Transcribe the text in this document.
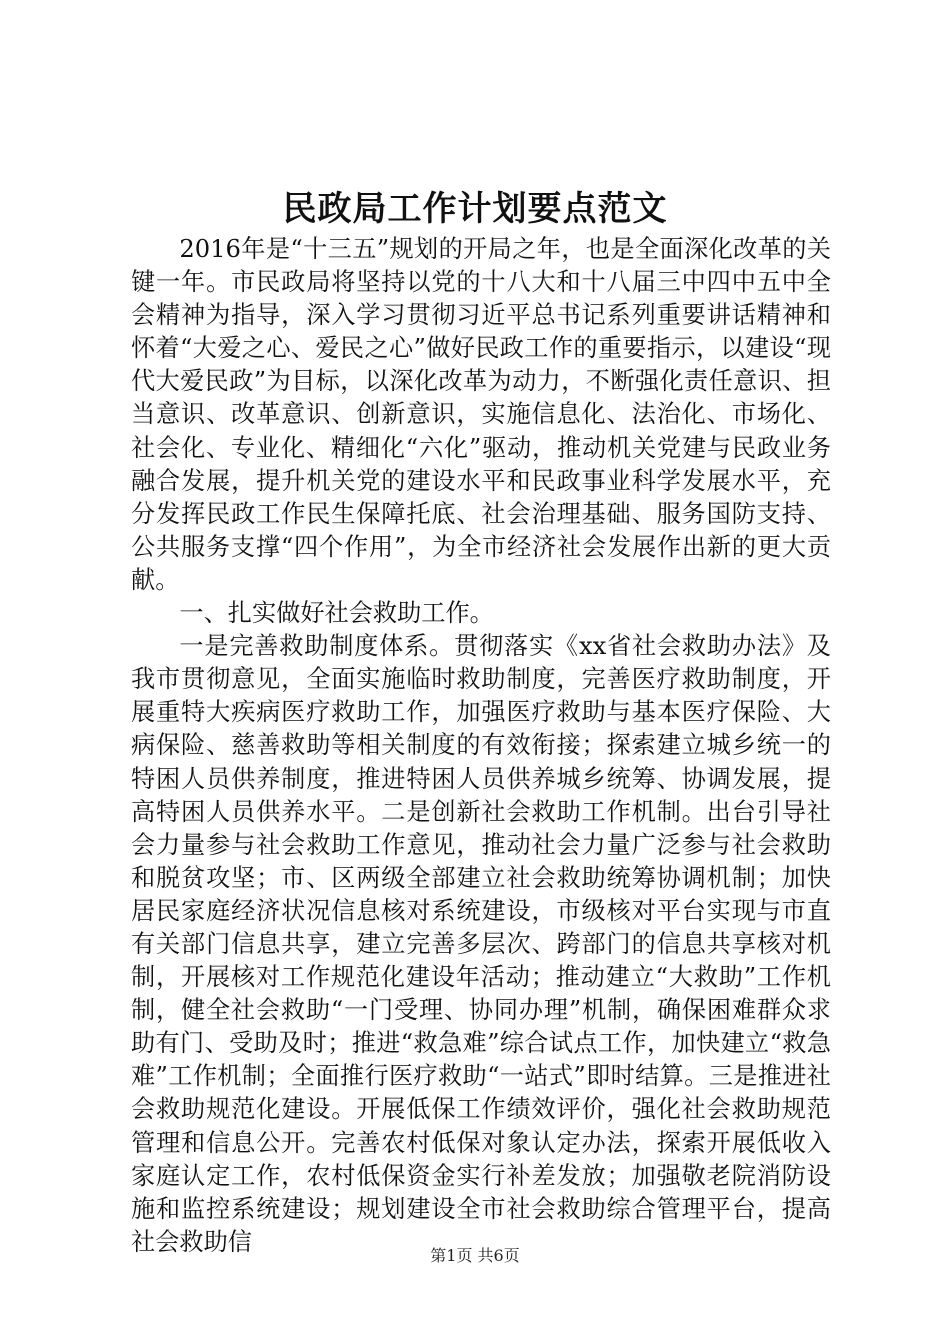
民政局工作计划要点范文

2016年是“十三五”规划的开局之年，也是全面深化改革的关键一年。市民政局将坚持以党的十八大和十八届三中四中五中全会精神为指导，深入学习贯彻习近平总书记系列重要讲话精神和怀着“大爱之心、爱民之心”做好民政工作的重要指示，以建设“现代大爱民政”为目标，以深化改革为动力，不断强化责任意识、担当意识、改革意识、创新意识，实施信息化、法治化、市场化、社会化、专业化、精细化“六化”驱动，推动机关党建与民政业务融合发展，提升机关党的建设水平和民政事业科学发展水平，充分发挥民政工作民生保障托底、社会治理基础、服务国防支持、公共服务支撑“四个作用”，为全市经济社会发展作出新的更大贡献。

一、扎实做好社会救助工作。

一是完善救助制度体系。贯彻落实《xx省社会救助办法》及我市贯彻意见，全面实施临时救助制度，完善医疗救助制度，开展重特大疾病医疗救助工作，加强医疗救助与基本医疗保险、大病保险、慈善救助等相关制度的有效衔接；探索建立城乡统一的特困人员供养制度，推进特困人员供养城乡统筹、协调发展，提高特困人员供养水平。二是创新社会救助工作机制。出台引导社会力量参与社会救助工作意见，推动社会力量广泛参与社会救助和脱贫攻坚；市、区两级全部建立社会救助统筹协调机制；加快居民家庭经济状况信息核对系统建设，市级核对平台实现与市直有关部门信息共享，建立完善多层次、跨部门的信息共享核对机制，开展核对工作规范化建设年活动；推动建立“大救助”工作机制，健全社会救助“一门受理、协同办理”机制，确保困难群众求助有门、受助及时；推进“救急难”综合试点工作，加快建立“救急难”工作机制；全面推行医疗救助“一站式”即时结算。三是推进社会救助规范化建设。开展低保工作绩效评价，强化社会救助规范管理和信息公开。完善农村低保对象认定办法，探索开展低收入家庭认定工作，农村低保资金实行补差发放；加强敬老院消防设施和监控系统建设；规划建设全市社会救助综合管理平台，提高社会救助信	第1页 共6页
